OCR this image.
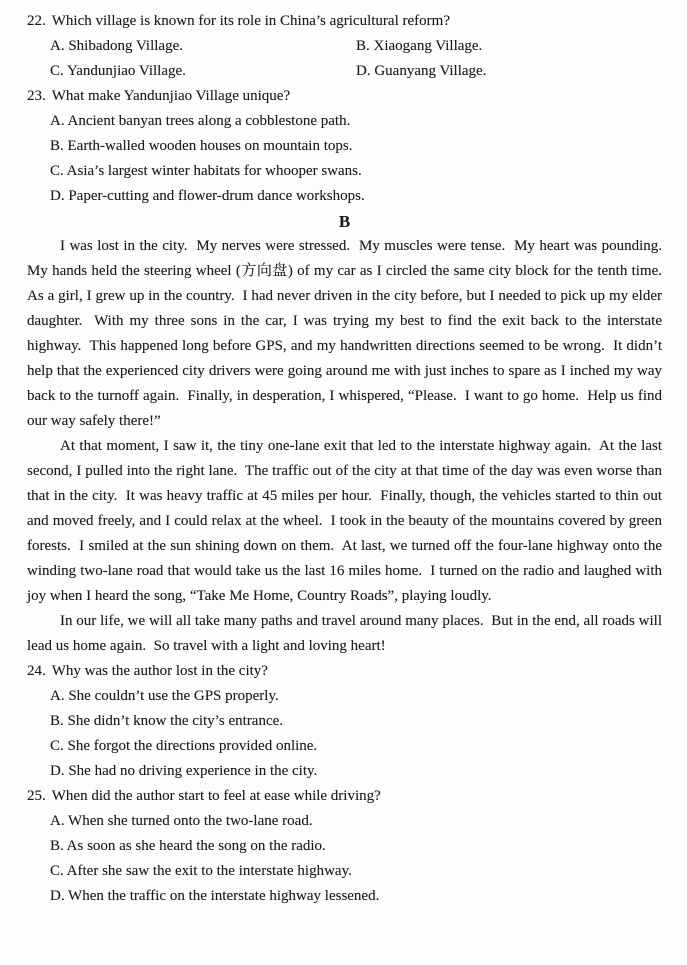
22. Which village is known for its role in China’s agricultural reform?
A. Shibadong Village.	B. Xiaogang Village.
C. Yandunjiao Village.	D. Guanyang Village.
23. What make Yandunjiao Village unique?
A. Ancient banyan trees along a cobblestone path.
B. Earth-walled wooden houses on mountain tops.
C. Asia’s largest winter habitats for whooper swans.
D. Paper-cutting and flower-drum dance workshops.
B

I was lost in the city.  My nerves were stressed.  My muscles were tense.  My heart was pounding.  My hands held the steering wheel (方向盘) of my car as I circled the same city block for the tenth time.  As a girl, I grew up in the country.  I had never driven in the city before, but I needed to pick up my elder daughter.  With my three sons in the car, I was trying my best to find the exit back to the interstate highway.  This happened long before GPS, and my handwritten directions seemed to be wrong.  It didn’t help that the experienced city drivers were going around me with just inches to spare as I inched my way back to the turnoff again.  Finally, in desperation, I whispered, “Please.  I want to go home.  Help us find our way safely there!”

At that moment, I saw it, the tiny one-lane exit that led to the interstate highway again.  At the last second, I pulled into the right lane.  The traffic out of the city at that time of the day was even worse than that in the city.  It was heavy traffic at 45 miles per hour.  Finally, though, the vehicles started to thin out and moved freely, and I could relax at the wheel.  I took in the beauty of the mountains covered by green forests.  I smiled at the sun shining down on them.  At last, we turned off the four-lane highway onto the winding two-lane road that would take us the last 16 miles home.  I turned on the radio and laughed with joy when I heard the song, “Take Me Home, Country Roads”, playing loudly.

In our life, we will all take many paths and travel around many places.  But in the end, all roads will lead us home again.  So travel with a light and loving heart!

24. Why was the author lost in the city?
A. She couldn’t use the GPS properly.
B. She didn’t know the city’s entrance.
C. She forgot the directions provided online.
D. She had no driving experience in the city.
25. When did the author start to feel at ease while driving?
A. When she turned onto the two-lane road.
B. As soon as she heard the song on the radio.
C. After she saw the exit to the interstate highway.
D. When the traffic on the interstate highway lessened.
